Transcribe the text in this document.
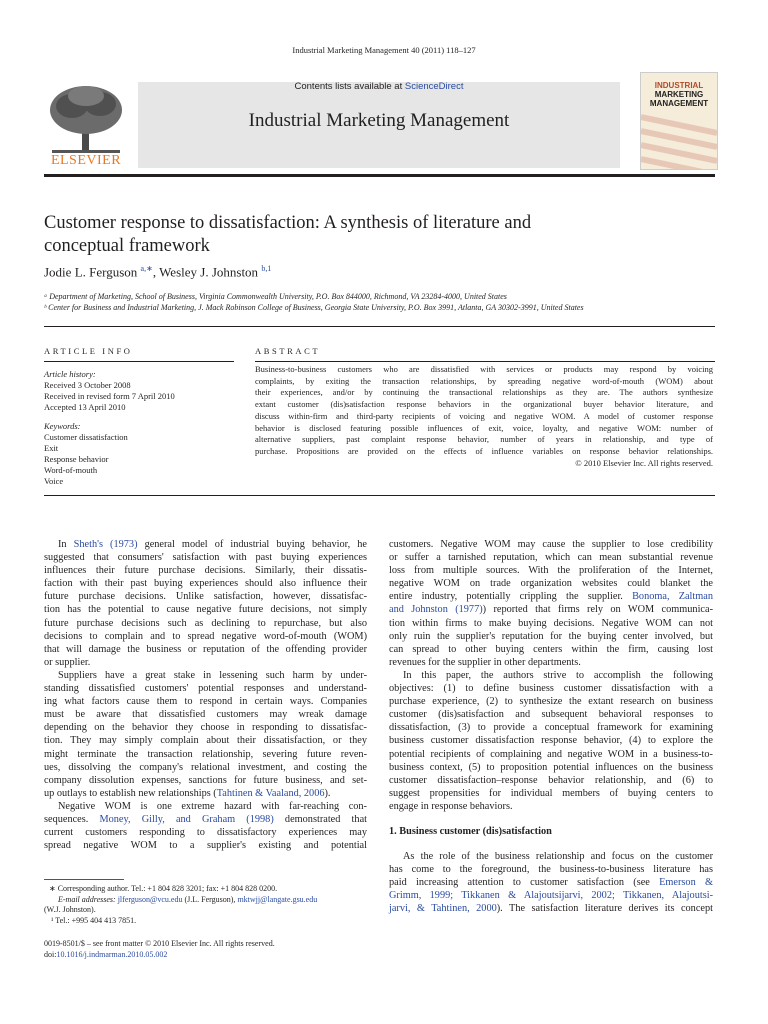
Industrial Marketing Management 40 (2011) 118–127
ELSEVIER
Contents lists available at ScienceDirect
Industrial Marketing Management
INDUSTRIAL
MARKETING
MANAGEMENT
Customer response to dissatisfaction: A synthesis of literature and
conceptual framework
Jodie L. Ferguson $^{a,∗}$, Wesley J. Johnston $^{b,1}$
ᵃ Department of Marketing, School of Business, Virginia Commonwealth University, P.O. Box 844000, Richmond, VA 23284-4000, United States
ᵇ Center for Business and Industrial Marketing, J. Mack Robinson College of Business, Georgia State University, P.O. Box 3991, Atlanta, GA 30302-3991, United States
ARTICLE INFO
Article history:
Received 3 October 2008
Received in revised form 7 April 2010
Accepted 13 April 2010
Keywords:
Customer dissatisfaction
Exit
Response behavior
Word-of-mouth
Voice
ABSTRACT
Business-to-business customers who are dissatisfied with services or products may respond by voicing
complaints, by exiting the transaction relationships, by spreading negative word-of-mouth (WOM) about
their experiences, and/or by continuing the transactional relationships as they are. The authors synthesize
extant customer (dis)satisfaction response behaviors in the organizational buyer behavior literature, and
discuss within-firm and third-party recipients of voicing and negative WOM. A model of customer response
behavior is disclosed featuring possible influences of exit, voice, loyalty, and negative WOM: number of
alternative suppliers, past complaint response behavior, number of years in relationship, and type of
purchase. Propositions are provided on the effects of influence variables on response behavior relationships.
© 2010 Elsevier Inc. All rights reserved.
In Sheth's (1973) general model of industrial buying behavior, he
suggested that consumers' satisfaction with past buying experiences
influences their future purchase decisions. Similarly, their dissatis-
faction with their past buying experiences should also influence their
future purchase decisions. Unlike satisfaction, however, dissatisfac-
tion has the potential to cause negative future decisions, not simply
future purchase decisions such as declining to repurchase, but also
decisions to complain and to spread negative word-of-mouth (WOM)
that will damage the business or reputation of the offending provider
or supplier.
Suppliers have a great stake in lessening such harm by under-
standing dissatisfied customers' potential responses and understand-
ing what factors cause them to respond in certain ways. Companies
must be aware that dissatisfied customers may wreak damage
depending on the behavior they choose in responding to dissatisfac-
tion. They may simply complain about their dissatisfaction, or they
might terminate the transaction relationship, severing future reven-
ues, dissolving the company's relational investment, and costing the
company dissolution expenses, sanctions for future business, and set-
up outlays to establish new relationships (Tahtinen & Vaaland, 2006).
Negative WOM is one extreme hazard with far-reaching con-
sequences. Money, Gilly, and Graham (1998) demonstrated that
current customers responding to dissatisfactory experiences may
spread negative WOM to a supplier's existing and potential
∗ Corresponding author. Tel.: +1 804 828 3201; fax: +1 804 828 0200.
E-mail addresses: jlferguson@vcu.edu (J.L. Ferguson), mktwjj@langate.gsu.edu
(W.J. Johnston).
¹ Tel.: +995 404 413 7851.
0019-8501/$ – see front matter © 2010 Elsevier Inc. All rights reserved.
doi:10.1016/j.indmarman.2010.05.002
customers. Negative WOM may cause the supplier to lose credibility
or suffer a tarnished reputation, which can mean substantial revenue
loss from multiple sources. With the proliferation of the Internet,
negative WOM on trade organization websites could blanket the
entire industry, potentially crippling the supplier. Bonoma, Zaltman
and Johnston (1977)) reported that firms rely on WOM communica-
tion within firms to make buying decisions. Negative WOM can not
only ruin the supplier's reputation for the buying center involved, but
can spread to other buying centers within the firm, causing lost
revenues for the supplier in other departments.
In this paper, the authors strive to accomplish the following
objectives: (1) to define business customer dissatisfaction with a
purchase experience, (2) to synthesize the extant research on business
customer (dis)satisfaction and subsequent behavioral responses to
dissatisfaction, (3) to provide a conceptual framework for examining
business customer dissatisfaction response behavior, (4) to explore the
potential recipients of complaining and negative WOM in a business-to-
business context, (5) to proposition potential influences on the business
customer dissatisfaction–response behavior relationship, and (6) to
suggest propensities for individual members of buying centers to
engage in response behaviors.
1. Business customer (dis)satisfaction
As the role of the business relationship and focus on the customer
has come to the foreground, the business-to-business literature has
paid increasing attention to customer satisfaction (see Emerson &
Grimm, 1999; Tikkanen & Alajoutsijarvi, 2002; Tikkanen, Alajoutsi-
jarvi, & Tahtinen, 2000). The satisfaction literature derives its concept
